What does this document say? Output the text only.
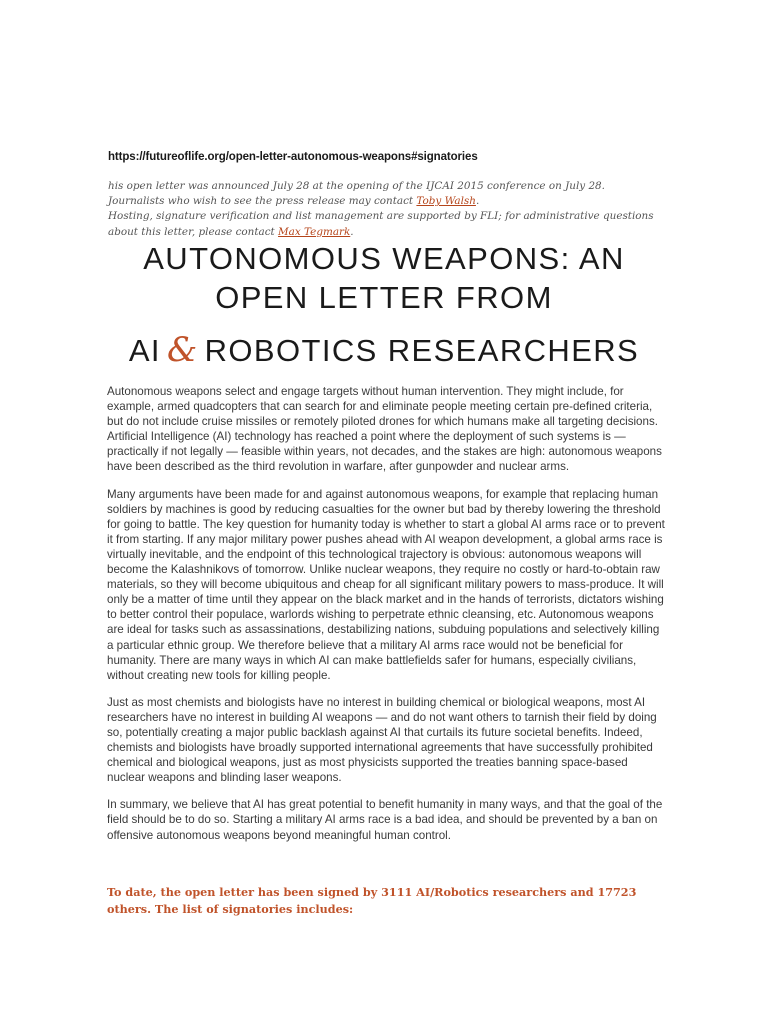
https://futureoflife.org/open-letter-autonomous-weapons#signatories

his open letter was announced July 28 at the opening of the IJCAI 2015 conference on July 28.

Journalists who wish to see the press release may contact Toby Walsh.

Hosting, signature verification and list management are supported by FLI; for administrative questions about this letter, please contact Max Tegmark.

AUTONOMOUS WEAPONS: AN
OPEN LETTER FROM
AI & ROBOTICS RESEARCHERS

Autonomous weapons select and engage targets without human intervention. They might include, for example, armed quadcopters that can search for and eliminate people meeting certain pre-defined criteria, but do not include cruise missiles or remotely piloted drones for which humans make all targeting decisions. Artificial Intelligence (AI) technology has reached a point where the deployment of such systems is — practically if not legally — feasible within years, not decades, and the stakes are high: autonomous weapons have been described as the third revolution in warfare, after gunpowder and nuclear arms.

Many arguments have been made for and against autonomous weapons, for example that replacing human soldiers by machines is good by reducing casualties for the owner but bad by thereby lowering the threshold for going to battle. The key question for humanity today is whether to start a global AI arms race or to prevent it from starting. If any major military power pushes ahead with AI weapon development, a global arms race is virtually inevitable, and the endpoint of this technological trajectory is obvious: autonomous weapons will become the Kalashnikovs of tomorrow. Unlike nuclear weapons, they require no costly or hard-to-obtain raw materials, so they will become ubiquitous and cheap for all significant military powers to mass-produce. It will only be a matter of time until they appear on the black market and in the hands of terrorists, dictators wishing to better control their populace, warlords wishing to perpetrate ethnic cleansing, etc. Autonomous weapons are ideal for tasks such as assassinations, destabilizing nations, subduing populations and selectively killing a particular ethnic group. We therefore believe that a military AI arms race would not be beneficial for humanity. There are many ways in which AI can make battlefields safer for humans, especially civilians, without creating new tools for killing people.

Just as most chemists and biologists have no interest in building chemical or biological weapons, most AI researchers have no interest in building AI weapons — and do not want others to tarnish their field by doing so, potentially creating a major public backlash against AI that curtails its future societal benefits. Indeed, chemists and biologists have broadly supported international agreements that have successfully prohibited chemical and biological weapons, just as most physicists supported the treaties banning space-based nuclear weapons and blinding laser weapons.

In summary, we believe that AI has great potential to benefit humanity in many ways, and that the goal of the field should be to do so. Starting a military AI arms race is a bad idea, and should be prevented by a ban on offensive autonomous weapons beyond meaningful human control.

To date, the open letter has been signed by 3111 AI/Robotics researchers and 17723 others. The list of signatories includes:
